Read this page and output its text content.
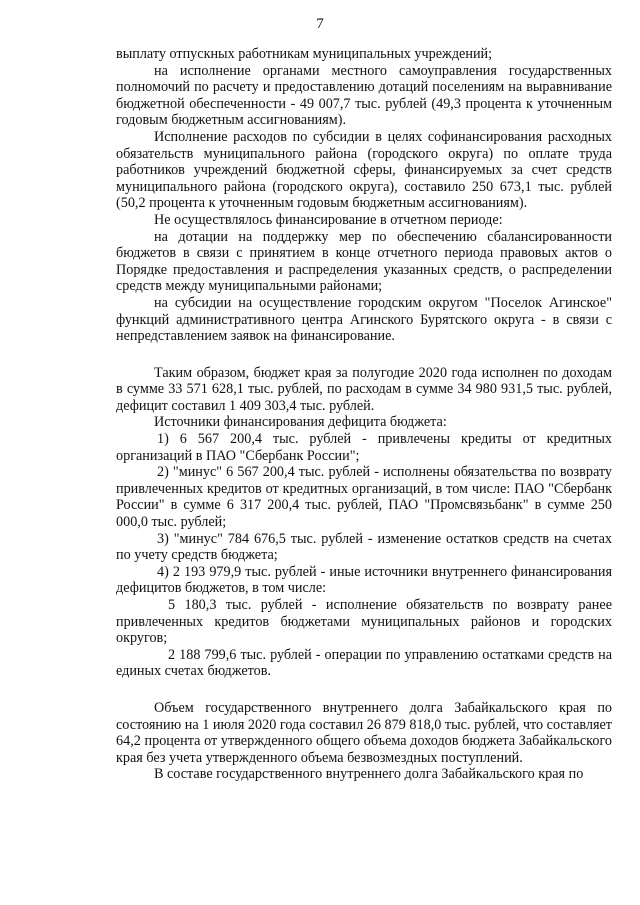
7

выплату отпускных работникам муниципальных учреждений;

на исполнение органами местного самоуправления государственных полномочий по расчету и предоставлению дотаций поселениям на выравнивание бюджетной обеспеченности - 49 007,7 тыс. рублей (49,3 процента к уточненным годовым бюджетным ассигнованиям).

Исполнение расходов по субсидии в целях софинансирования расходных обязательств муниципального района (городского округа) по оплате труда работников учреждений бюджетной сферы, финансируемых за счет средств муниципального района (городского округа), составило 250 673,1 тыс. рублей (50,2 процента к уточненным годовым бюджетным ассигнованиям).

Не осуществлялось финансирование в отчетном периоде:

на дотации на поддержку мер по обеспечению сбалансированности бюджетов в связи с принятием в конце отчетного периода правовых актов о Порядке предоставления и распределения указанных средств, о распределении средств между муниципальными районами;

на субсидии на осуществление городским округом "Поселок Агинское" функций административного центра Агинского Бурятского округа - в связи с непредставлением заявок на финансирование.

Таким образом, бюджет края за полугодие 2020 года исполнен по доходам в сумме 33 571 628,1 тыс. рублей, по расходам в сумме 34 980 931,5 тыс. рублей, дефицит составил 1 409 303,4 тыс. рублей.

Источники финансирования дефицита бюджета:

1) 6 567 200,4 тыс. рублей - привлечены кредиты от кредитных организаций в ПАО "Сбербанк России";

2) "минус" 6 567 200,4 тыс. рублей - исполнены обязательства по возврату привлеченных кредитов от кредитных организаций, в том числе: ПАО "Сбербанк России" в сумме 6 317 200,4 тыс. рублей, ПАО "Промсвязьбанк" в сумме 250 000,0 тыс. рублей;

3) "минус" 784 676,5 тыс. рублей - изменение остатков средств на счетах по учету средств бюджета;

4) 2 193 979,9 тыс. рублей - иные источники внутреннего финансирования дефицитов бюджетов, в том числе:

5 180,3 тыс. рублей - исполнение обязательств по возврату ранее привлеченных кредитов бюджетами муниципальных районов и городских округов;

2 188 799,6 тыс. рублей - операции по управлению остатками средств на единых счетах бюджетов.

Объем государственного внутреннего долга Забайкальского края по состоянию на 1 июля 2020 года составил 26 879 818,0 тыс. рублей, что составляет 64,2 процента от утвержденного общего объема доходов бюджета Забайкальского края без учета утвержденного объема безвозмездных поступлений.

В составе государственного внутреннего долга Забайкальского края по
